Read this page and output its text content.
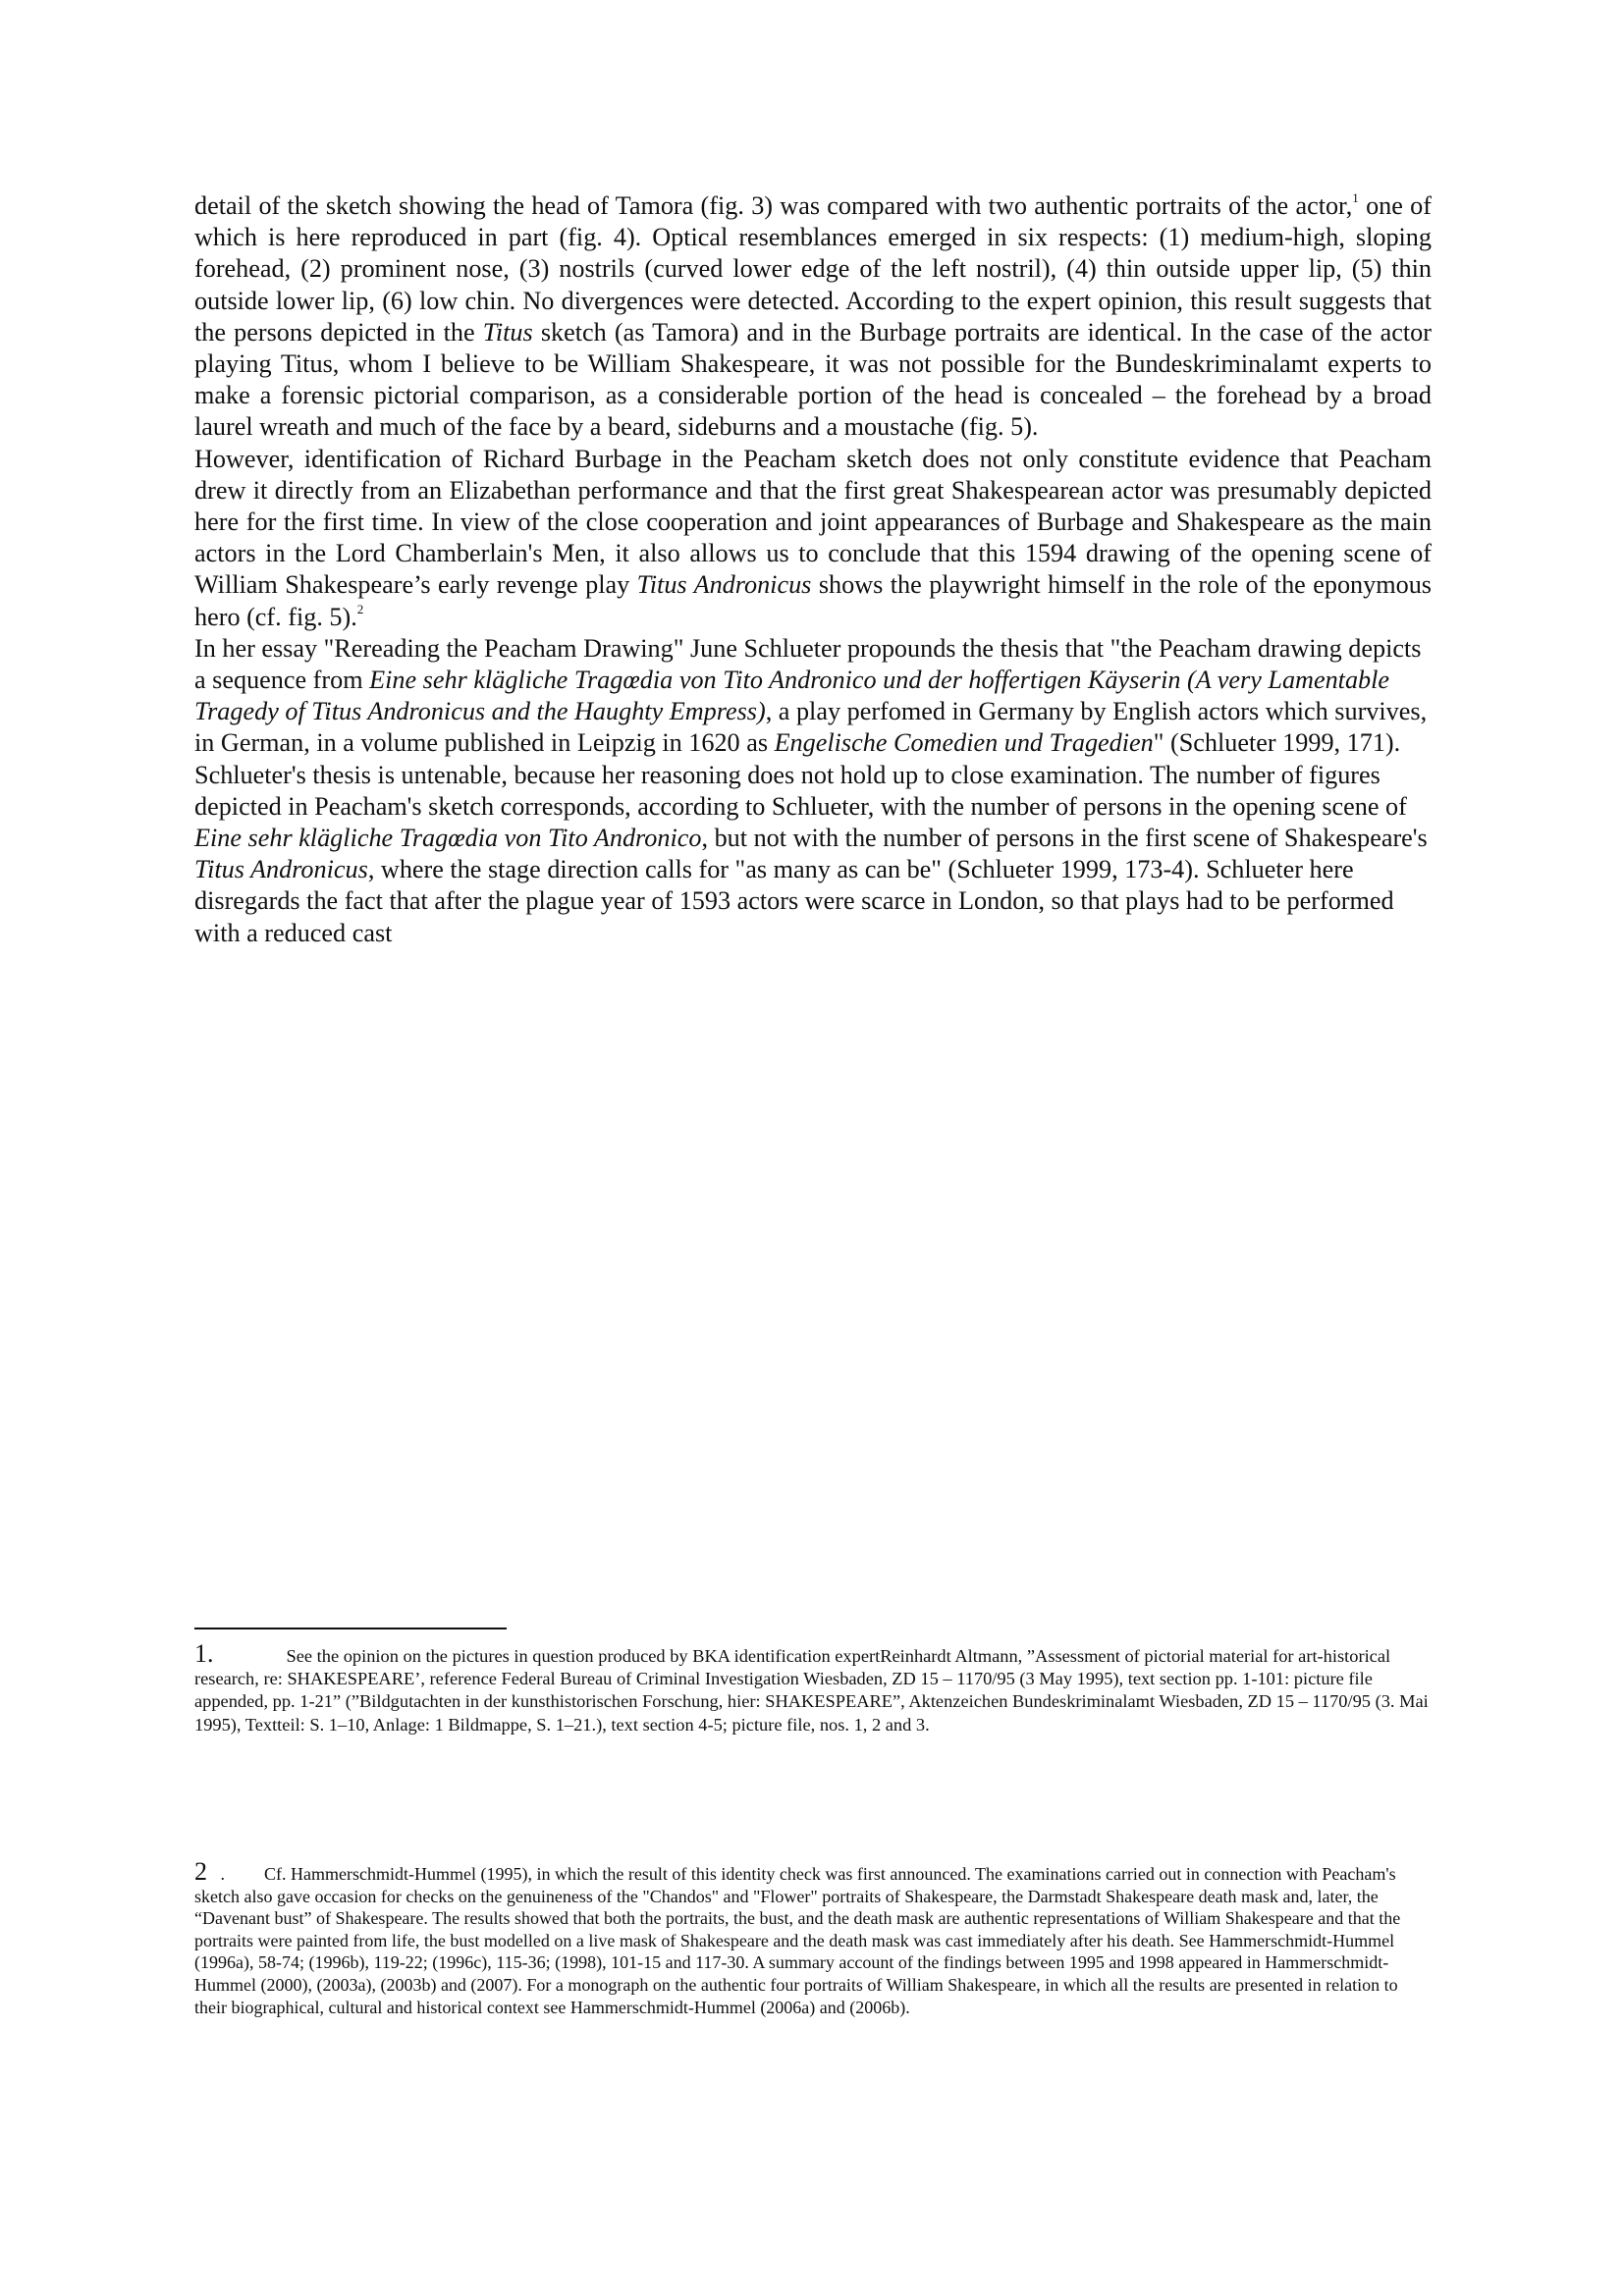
detail of the sketch showing the head of Tamora (fig. 3) was compared with two authentic portraits of the actor,$^1$ one of which is here reproduced in part (fig. 4). Optical resemblances emerged in six respects: (1) medium-high, sloping forehead, (2) prominent nose, (3) nostrils (curved lower edge of the left nostril), (4) thin outside upper lip, (5) thin outside lower lip, (6) low chin. No divergences were detected. According to the expert opinion, this result suggests that the persons depicted in the Titus sketch (as Tamora) and in the Burbage portraits are identical. In the case of the actor playing Titus, whom I believe to be William Shakespeare, it was not possible for the Bundeskriminalamt experts to make a forensic pictorial comparison, as a considerable portion of the head is concealed – the forehead by a broad laurel wreath and much of the face by a beard, sideburns and a moustache (fig. 5).

However, identification of Richard Burbage in the Peacham sketch does not only constitute evidence that Peacham drew it directly from an Elizabethan performance and that the first great Shakespearean actor was presumably depicted here for the first time. In view of the close cooperation and joint appearances of Burbage and Shakespeare as the main actors in the Lord Chamberlain's Men, it also allows us to conclude that this 1594 drawing of the opening scene of William Shakespeare’s early revenge play Titus Andronicus shows the playwright himself in the role of the eponymous hero (cf. fig. 5).$^2$

In her essay "Rereading the Peacham Drawing" June Schlueter propounds the thesis that "the Peacham drawing depicts a sequence from Eine sehr klägliche Tragœdia von Tito Andronico und der hoffertigen Käyserin (A very Lamentable Tragedy of Titus Andronicus and the Haughty Empress), a play perfomed in Germany by English actors which survives, in German, in a volume published in Leipzig in 1620 as Engelische Comedien und Tragedien" (Schlueter 1999, 171). Schlueter's thesis is untenable, because her reasoning does not hold up to close examination. The number of figures depicted in Peacham's sketch corresponds, according to Schlueter, with the number of persons in the opening scene of Eine sehr klägliche Tragœdia von Tito Andronico, but not with the number of persons in the first scene of Shakespeare's Titus Andronicus, where the stage direction calls for "as many as can be" (Schlueter 1999, 173-4). Schlueter here disregards the fact that after the plague year of 1593 actors were scarce in London, so that plays had to be performed with a reduced cast

1.	See the opinion on the pictures in question produced by BKA identification expertReinhardt Altmann, ”Assessment of pictorial material for art-historical research, re: SHAKESPEARE’, reference Federal Bureau of Criminal Investigation Wiesbaden, ZD 15 – 1170/95 (3 May 1995), text section pp. 1-101: picture file appended, pp. 1-21” (”Bildgutachten in der kunsthistorischen Forschung, hier: SHAKESPEARE”, Aktenzeichen Bundeskriminalamt Wiesbaden, ZD 15 – 1170/95 (3. Mai 1995), Textteil: S. 1–10, Anlage: 1 Bildmappe, S. 1–21.), text section 4-5; picture file, nos. 1, 2 and 3.

2 . Cf. Hammerschmidt-Hummel (1995), in which the result of this identity check was first announced. The examinations carried out in connection with Peacham's sketch also gave occasion for checks on the genuineness of the "Chandos" and "Flower" portraits of Shakespeare, the Darmstadt Shakespeare death mask and, later, the “Davenant bust” of Shakespeare. The results showed that both the portraits, the bust, and the death mask are authentic representations of William Shakespeare and that the portraits were painted from life, the bust modelled on a live mask of Shakespeare and the death mask was cast immediately after his death. See Hammerschmidt-Hummel (1996a), 58-74; (1996b), 119-22; (1996c), 115-36; (1998), 101-15 and 117-30. A summary account of the findings between 1995 and 1998 appeared in Hammerschmidt-Hummel (2000), (2003a), (2003b) and (2007). For a monograph on the authentic four portraits of William Shakespeare, in which all the results are presented in relation to their biographical, cultural and historical context see Hammerschmidt-Hummel (2006a) and (2006b).
